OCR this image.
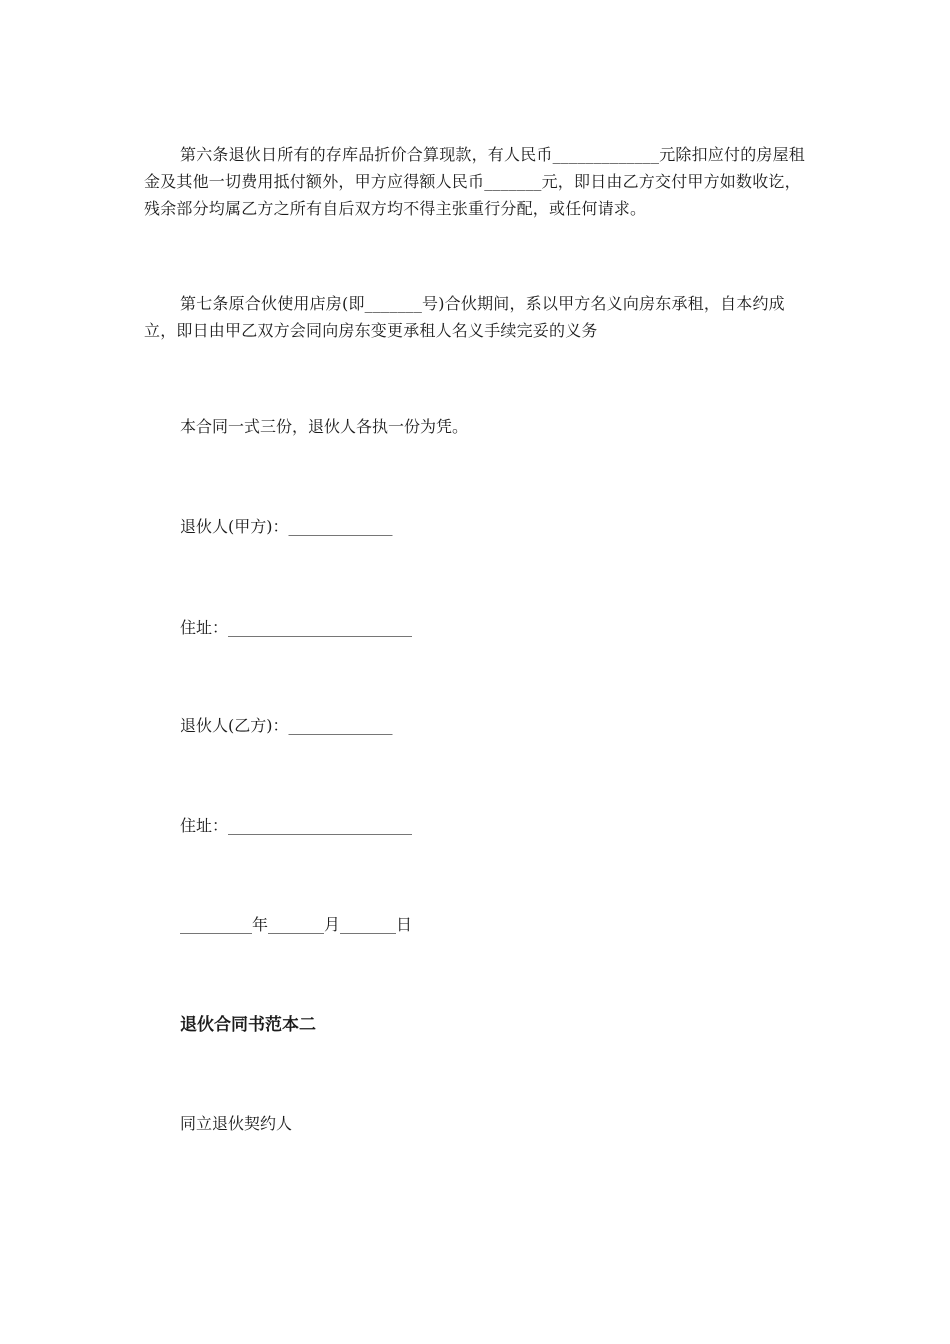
第六条退伙日所有的存库品折价合算现款，有人民币_____________元除扣应付的房屋租金及其他一切费用抵付额外，甲方应得额人民币_______元，即日由乙方交付甲方如数收讫，残余部分均属乙方之所有自后双方均不得主张重行分配，或任何请求。

第七条原合伙使用店房(即_______号)合伙期间，系以甲方名义向房东承租，自本约成立，即日由甲乙双方会同向房东变更承租人名义手续完妥的义务

本合同一式三份，退伙人各执一份为凭。

退伙人(甲方)：_____________

住址：_______________________

退伙人(乙方)：_____________

住址：_______________________

_________年_______月_______日

退伙合同书范本二

同立退伙契约人
